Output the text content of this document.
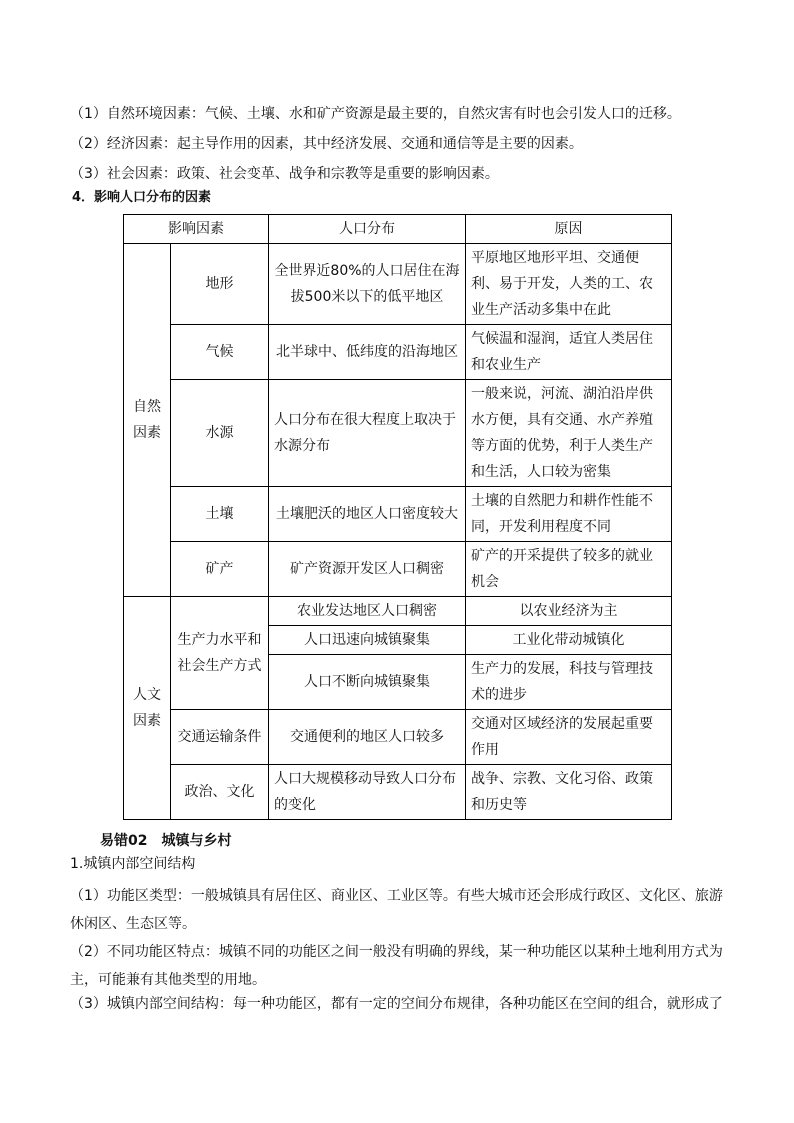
（1）自然环境因素：气候、土壤、水和矿产资源是最主要的，自然灾害有时也会引发人口的迁移。
（2）经济因素：起主导作用的因素，其中经济发展、交通和通信等是主要的因素。
（3）社会因素：政策、社会变革、战争和宗教等是重要的影响因素。
4．影响人口分布的因素
影响因素		人口分布	原因
自然因素	地形	全世界近80%的人口居住在海拔500米以下的低平地区	平原地区地形平坦、交通便利、易于开发，人类的工、农业生产活动多集中在此
	气候	北半球中、低纬度的沿海地区	气候温和湿润，适宜人类居住和农业生产
	水源	人口分布在很大程度上取决于水源分布	一般来说，河流、湖泊沿岸供水方便，具有交通、水产养殖等方面的优势，利于人类生产和生活，人口较为密集
	土壤	土壤肥沃的地区人口密度较大	土壤的自然肥力和耕作性能不同，开发利用程度不同
	矿产	矿产资源开发区人口稠密	矿产的开采提供了较多的就业机会
人文因素	生产力水平和社会生产方式	农业发达地区人口稠密	以农业经济为主
		人口迅速向城镇聚集	工业化带动城镇化
		人口不断向城镇聚集	生产力的发展，科技与管理技术的进步
	交通运输条件	交通便利的地区人口较多	交通对区域经济的发展起重要作用
	政治、文化	人口大规模移动导致人口分布的变化	战争、宗教、文化习俗、政策和历史等
易错02　城镇与乡村
1.城镇内部空间结构
（1）功能区类型：一般城镇具有居住区、商业区、工业区等。有些大城市还会形成行政区、文化区、旅游休闲区、生态区等。
（2）不同功能区特点：城镇不同的功能区之间一般没有明确的界线，某一种功能区以某种土地利用方式为主，可能兼有其他类型的用地。
（3）城镇内部空间结构：每一种功能区，都有一定的空间分布规律，各种功能区在空间的组合，就形成了
